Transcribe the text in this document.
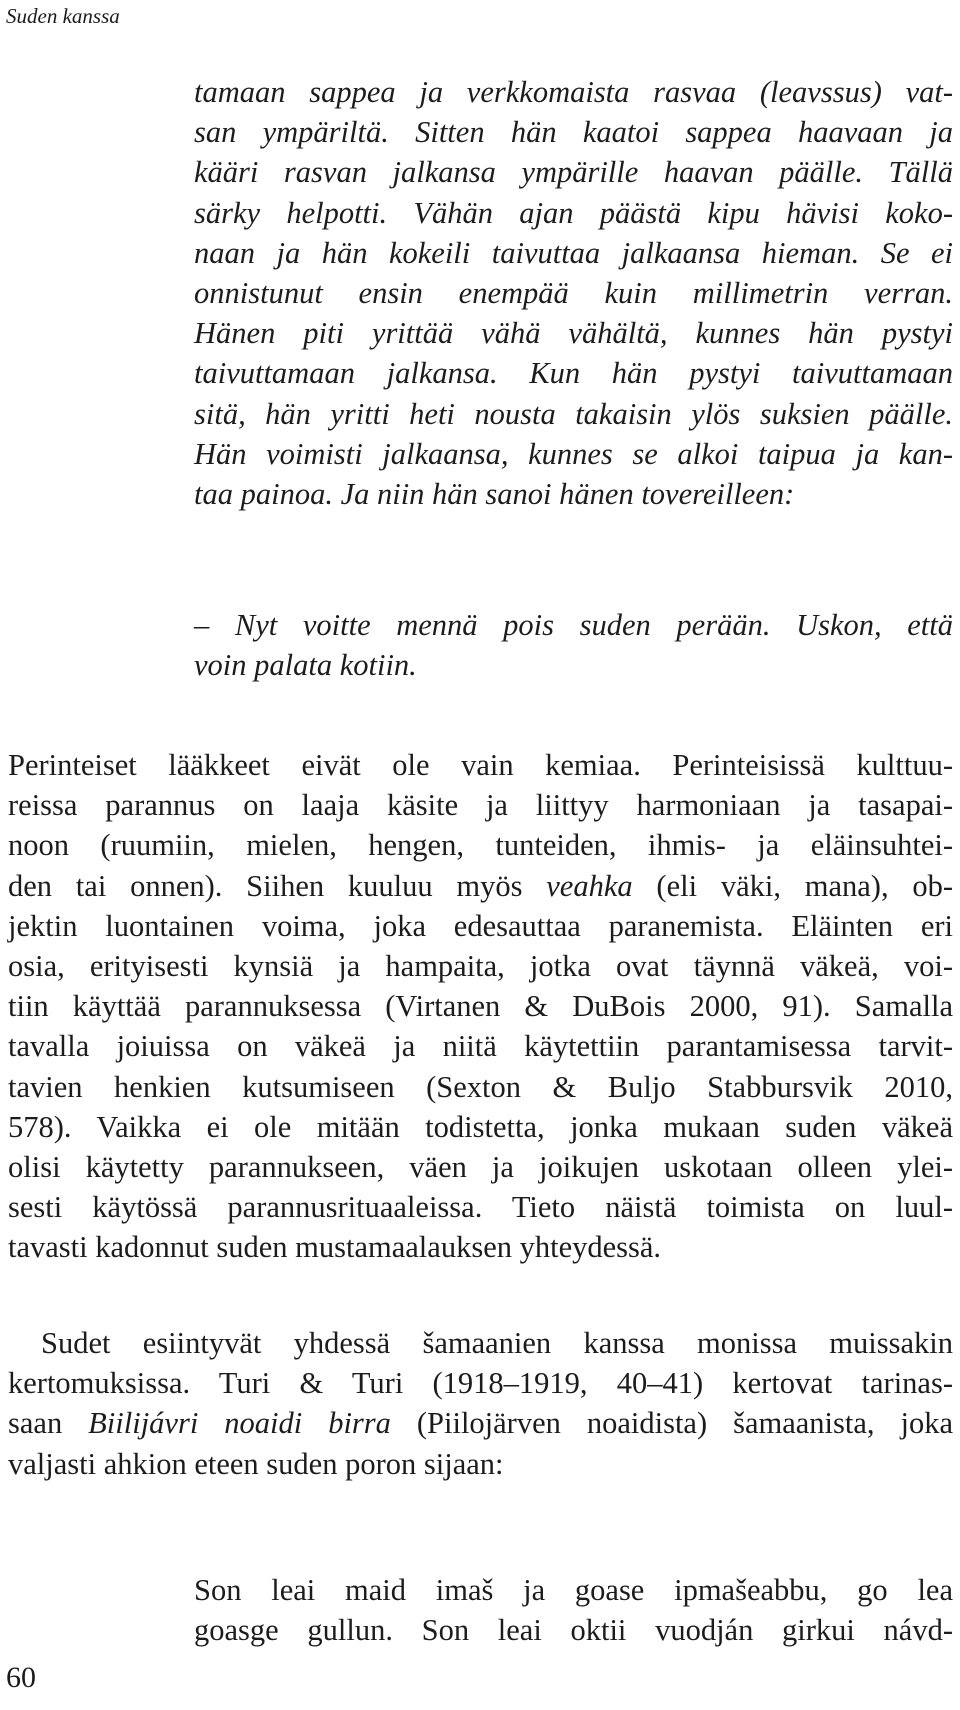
Suden kanssa
tamaan sappea ja verkkomaista rasvaa (leavssus) vat-
san ympäriltä. Sitten hän kaatoi sappea haavaan ja
kääri rasvan jalkansa ympärille haavan päälle. Tällä
särky helpotti. Vähän ajan päästä kipu hävisi koko-
naan ja hän kokeili taivuttaa jalkaansa hieman. Se ei
onnistunut ensin enempää kuin millimetrin verran.
Hänen piti yrittää vähä vähältä, kunnes hän pystyi
taivuttamaan jalkansa. Kun hän pystyi taivuttamaan
sitä, hän yritti heti nousta takaisin ylös suksien päälle.
Hän voimisti jalkaansa, kunnes se alkoi taipua ja kan-
taa painoa. Ja niin hän sanoi hänen tovereilleen:
– Nyt voitte mennä pois suden perään. Uskon, että
voin palata kotiin.
Perinteiset lääkkeet eivät ole vain kemiaa. Perinteisissä kulttuu-
reissa parannus on laaja käsite ja liittyy harmoniaan ja tasapai-
noon (ruumiin, mielen, hengen, tunteiden, ihmis- ja eläinsuhtei-
den tai onnen). Siihen kuuluu myös veahka (eli väki, mana), ob-
jektin luontainen voima, joka edesauttaa paranemista. Eläinten eri
osia, erityisesti kynsiä ja hampaita, jotka ovat täynnä väkeä, voi-
tiin käyttää parannuksessa (Virtanen & DuBois 2000, 91). Samalla
tavalla joiuissa on väkeä ja niitä käytettiin parantamisessa tarvit-
tavien henkien kutsumiseen (Sexton & Buljo Stabbursvik 2010,
578). Vaikka ei ole mitään todistetta, jonka mukaan suden väkeä
olisi käytetty parannukseen, väen ja joikujen uskotaan olleen ylei-
sesti käytössä parannusrituaaleissa. Tieto näistä toimista on luul-
tavasti kadonnut suden mustamaalauksen yhteydessä.
Sudet esiintyvät yhdessä šamaanien kanssa monissa muissakin
kertomuksissa. Turi & Turi (1918–1919, 40–41) kertovat tarinas-
saan Biilijávri noaidi birra (Piilojärven noaidista) šamaanista, joka
valjasti ahkion eteen suden poron sijaan:
Son leai maid imaš ja goase ipmašeabbu, go lea
goasge gullun. Son leai oktii vuodján girkui návd-
60
